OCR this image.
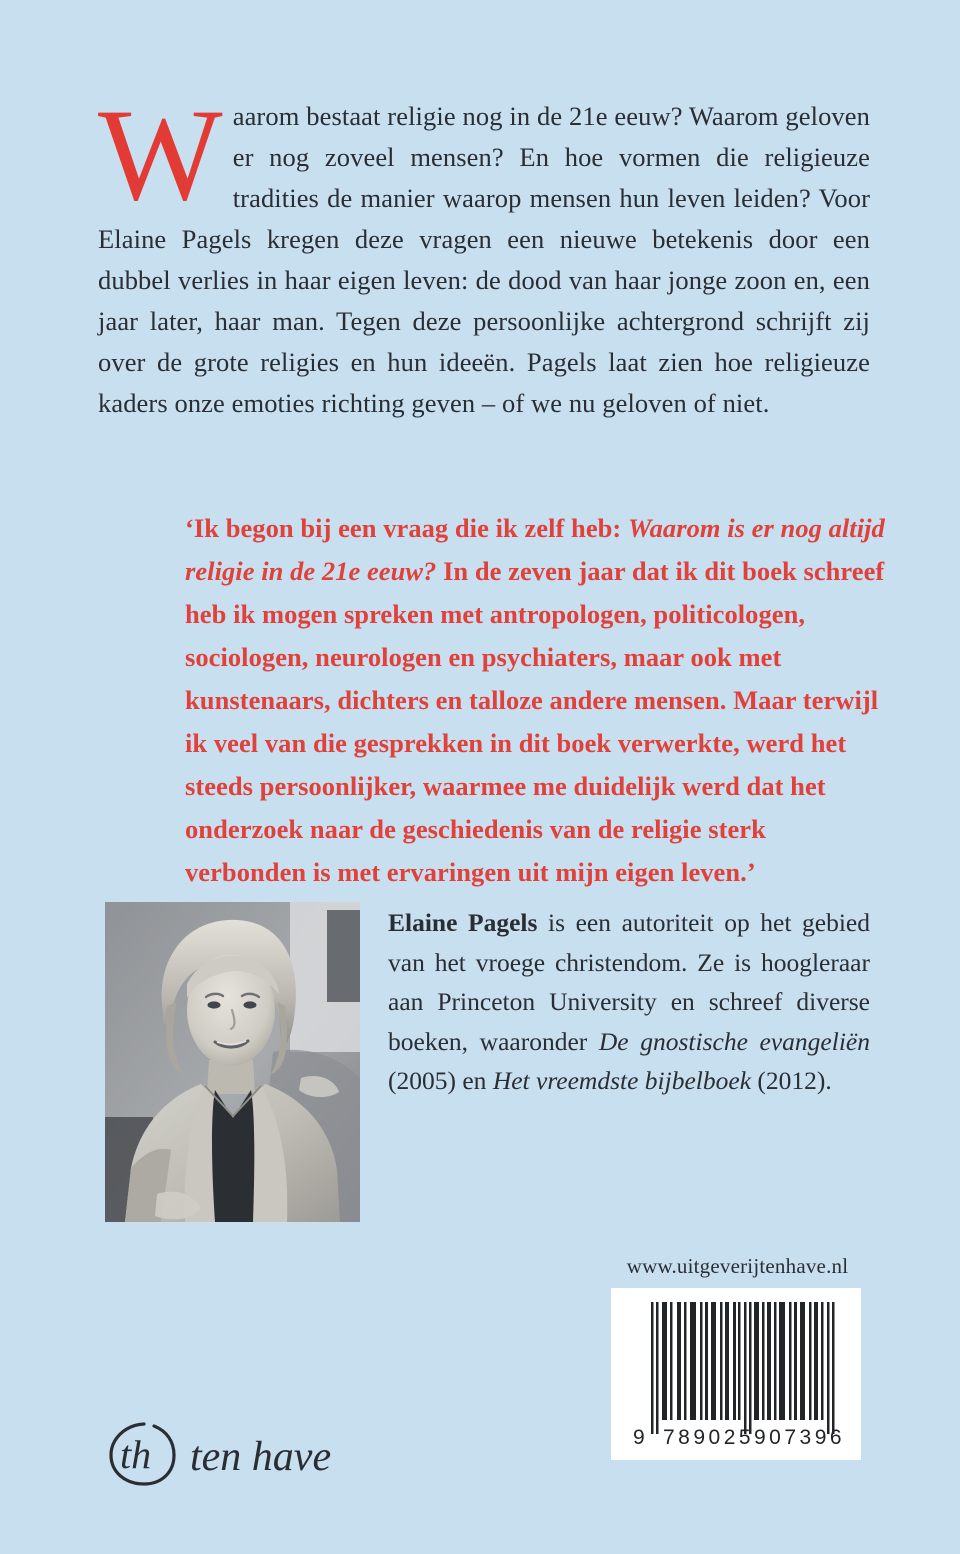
W aarom bestaat religie nog in de 21e eeuw? Waarom geloven er nog zoveel mensen? En hoe vormen die religieuze tradities de manier waarop mensen hun leven leiden? Voor Elaine Pagels kregen deze vragen een nieuwe betekenis door een dubbel verlies in haar eigen leven: de dood van haar jonge zoon en, een jaar later, haar man. Tegen deze persoonlijke achtergrond schrijft zij over de grote religies en hun ideeën. Pagels laat zien hoe religieuze kaders onze emoties richting geven – of we nu geloven of niet.

‘Ik begon bij een vraag die ik zelf heb: Waarom is er nog altijd religie in de 21e eeuw? In de zeven jaar dat ik dit boek schreef heb ik mogen spreken met antropologen, politicologen, sociologen, neurologen en psychiaters, maar ook met kunstenaars, dichters en talloze andere mensen. Maar terwijl ik veel van die gesprekken in dit boek verwerkte, werd het steeds persoonlijker, waarmee me duidelijk werd dat het onderzoek naar de geschiedenis van de religie sterk verbonden is met ervaringen uit mijn eigen leven.’

Elaine Pagels is een autoriteit op het gebied van het vroege christendom. Ze is hoogleraar aan Princeton University en schreef diverse boeken, waaronder De gnostische evangeliën (2005) en Het vreemdste bijbelboek (2012).

www.uitgeverijtenhave.nl
9 789025 907396
th ten have
